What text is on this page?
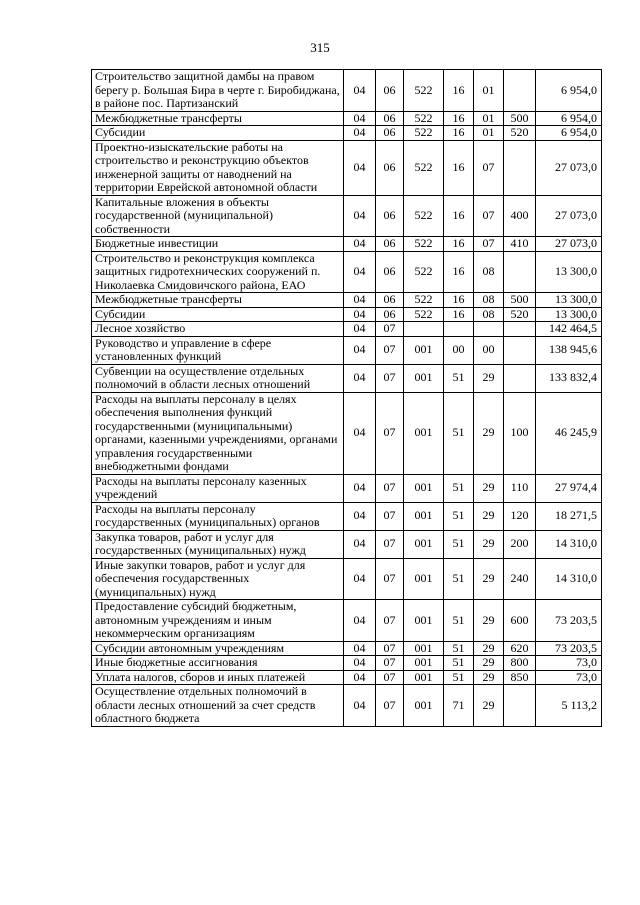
315
Строительство защитной дамбы на правом берегу р. Большая Бира в черте г. Биробиджана, в районе пос. Партизанский	04	06	522	16	01		6 954,0
Межбюджетные трансферты	04	06	522	16	01	500	6 954,0
Субсидии	04	06	522	16	01	520	6 954,0
Проектно-изыскательские работы на строительство и реконструкцию объектов инженерной защиты от наводнений на территории Еврейской автономной области	04	06	522	16	07		27 073,0
Капитальные вложения в объекты государственной (муниципальной) собственности	04	06	522	16	07	400	27 073,0
Бюджетные инвестиции	04	06	522	16	07	410	27 073,0
Строительство и реконструкция комплекса защитных гидротехнических сооружений п. Николаевка Смидовичского района, ЕАО	04	06	522	16	08		13 300,0
Межбюджетные трансферты	04	06	522	16	08	500	13 300,0
Субсидии	04	06	522	16	08	520	13 300,0
Лесное хозяйство	04	07					142 464,5
Руководство и управление в сфере установленных функций	04	07	001	00	00		138 945,6
Субвенции на осуществление отдельных полномочий в области лесных отношений	04	07	001	51	29		133 832,4
Расходы на выплаты персоналу в целях обеспечения выполнения функций государственными (муниципальными) органами, казенными учреждениями, органами управления государственными внебюджетными фондами	04	07	001	51	29	100	46 245,9
Расходы на выплаты персоналу казенных учреждений	04	07	001	51	29	110	27 974,4
Расходы на выплаты персоналу государственных (муниципальных) органов	04	07	001	51	29	120	18 271,5
Закупка товаров, работ и услуг для государственных (муниципальных) нужд	04	07	001	51	29	200	14 310,0
Иные закупки товаров, работ и услуг для обеспечения государственных (муниципальных) нужд	04	07	001	51	29	240	14 310,0
Предоставление субсидий бюджетным, автономным учреждениям и иным некоммерческим организациям	04	07	001	51	29	600	73 203,5
Субсидии автономным учреждениям	04	07	001	51	29	620	73 203,5
Иные бюджетные ассигнования	04	07	001	51	29	800	73,0
Уплата налогов, сборов и иных платежей	04	07	001	51	29	850	73,0
Осуществление отдельных полномочий в области лесных отношений за счет средств областного бюджета	04	07	001	71	29		5 113,2
